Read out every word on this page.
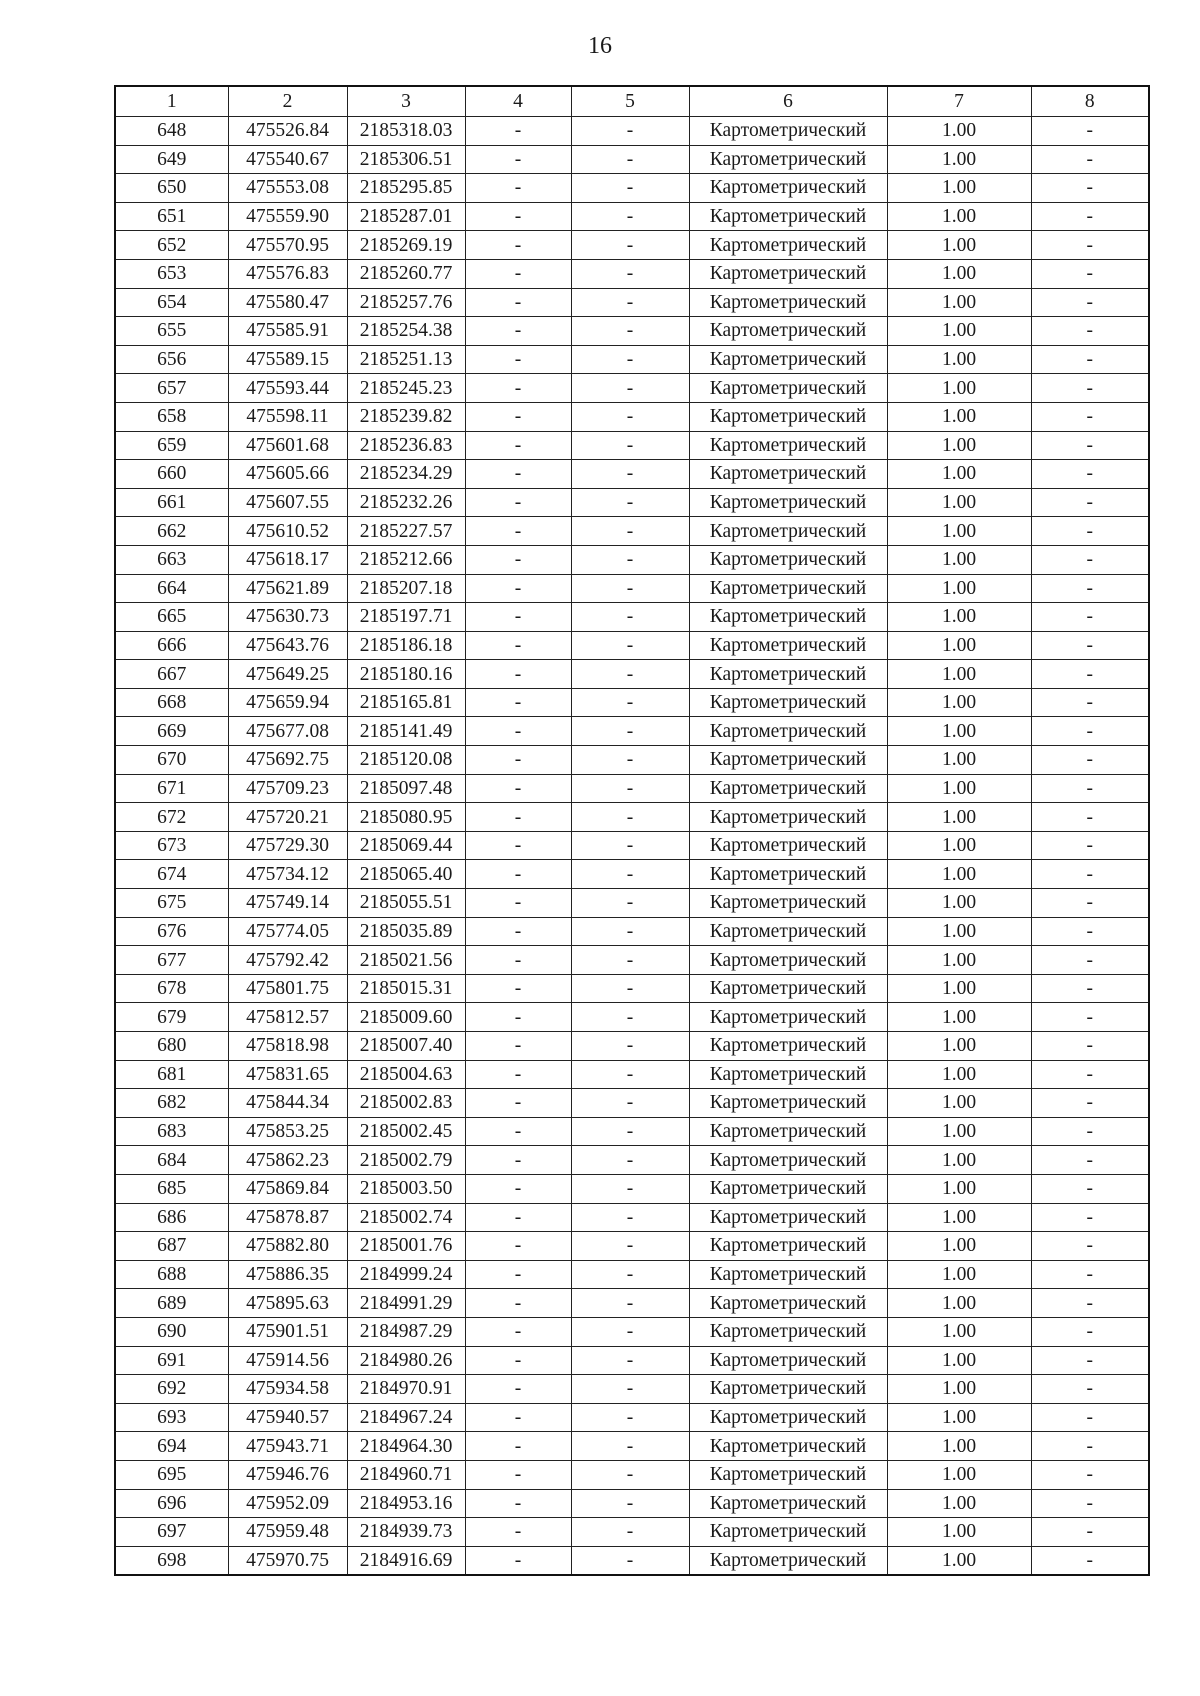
16
1	2	3	4	5	6	7	8
648	475526.84	2185318.03	-	-	Картометрический	1.00	-
649	475540.67	2185306.51	-	-	Картометрический	1.00	-
650	475553.08	2185295.85	-	-	Картометрический	1.00	-
651	475559.90	2185287.01	-	-	Картометрический	1.00	-
652	475570.95	2185269.19	-	-	Картометрический	1.00	-
653	475576.83	2185260.77	-	-	Картометрический	1.00	-
654	475580.47	2185257.76	-	-	Картометрический	1.00	-
655	475585.91	2185254.38	-	-	Картометрический	1.00	-
656	475589.15	2185251.13	-	-	Картометрический	1.00	-
657	475593.44	2185245.23	-	-	Картометрический	1.00	-
658	475598.11	2185239.82	-	-	Картометрический	1.00	-
659	475601.68	2185236.83	-	-	Картометрический	1.00	-
660	475605.66	2185234.29	-	-	Картометрический	1.00	-
661	475607.55	2185232.26	-	-	Картометрический	1.00	-
662	475610.52	2185227.57	-	-	Картометрический	1.00	-
663	475618.17	2185212.66	-	-	Картометрический	1.00	-
664	475621.89	2185207.18	-	-	Картометрический	1.00	-
665	475630.73	2185197.71	-	-	Картометрический	1.00	-
666	475643.76	2185186.18	-	-	Картометрический	1.00	-
667	475649.25	2185180.16	-	-	Картометрический	1.00	-
668	475659.94	2185165.81	-	-	Картометрический	1.00	-
669	475677.08	2185141.49	-	-	Картометрический	1.00	-
670	475692.75	2185120.08	-	-	Картометрический	1.00	-
671	475709.23	2185097.48	-	-	Картометрический	1.00	-
672	475720.21	2185080.95	-	-	Картометрический	1.00	-
673	475729.30	2185069.44	-	-	Картометрический	1.00	-
674	475734.12	2185065.40	-	-	Картометрический	1.00	-
675	475749.14	2185055.51	-	-	Картометрический	1.00	-
676	475774.05	2185035.89	-	-	Картометрический	1.00	-
677	475792.42	2185021.56	-	-	Картометрический	1.00	-
678	475801.75	2185015.31	-	-	Картометрический	1.00	-
679	475812.57	2185009.60	-	-	Картометрический	1.00	-
680	475818.98	2185007.40	-	-	Картометрический	1.00	-
681	475831.65	2185004.63	-	-	Картометрический	1.00	-
682	475844.34	2185002.83	-	-	Картометрический	1.00	-
683	475853.25	2185002.45	-	-	Картометрический	1.00	-
684	475862.23	2185002.79	-	-	Картометрический	1.00	-
685	475869.84	2185003.50	-	-	Картометрический	1.00	-
686	475878.87	2185002.74	-	-	Картометрический	1.00	-
687	475882.80	2185001.76	-	-	Картометрический	1.00	-
688	475886.35	2184999.24	-	-	Картометрический	1.00	-
689	475895.63	2184991.29	-	-	Картометрический	1.00	-
690	475901.51	2184987.29	-	-	Картометрический	1.00	-
691	475914.56	2184980.26	-	-	Картометрический	1.00	-
692	475934.58	2184970.91	-	-	Картометрический	1.00	-
693	475940.57	2184967.24	-	-	Картометрический	1.00	-
694	475943.71	2184964.30	-	-	Картометрический	1.00	-
695	475946.76	2184960.71	-	-	Картометрический	1.00	-
696	475952.09	2184953.16	-	-	Картометрический	1.00	-
697	475959.48	2184939.73	-	-	Картометрический	1.00	-
698	475970.75	2184916.69	-	-	Картометрический	1.00	-
